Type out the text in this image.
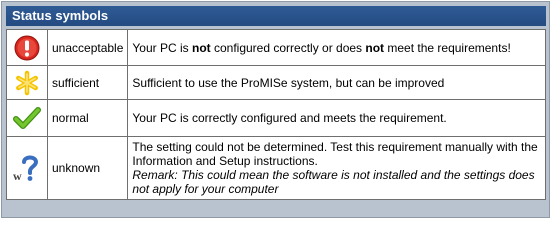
Status symbols
	unacceptable	Your PC is not configured correctly or does not meet the requirements!

	sufficient	Sufficient to use the ProMISe system, but can be improved

	normal	Your PC is correctly configured and meets the requirement.

w	unknown	The setting could not be determined. Test this requirement manually with the Information and Setup instructions.
Remark: This could mean the software is not installed and the settings does not apply for your computer
